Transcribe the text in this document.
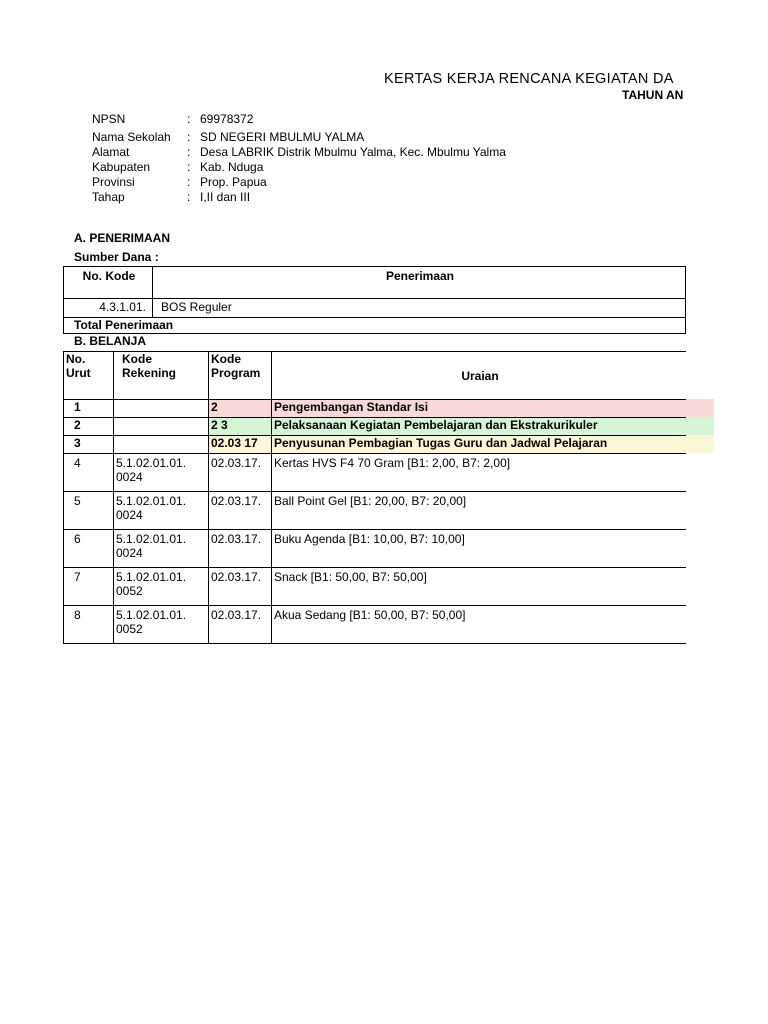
KERTAS KERJA RENCANA KEGIATAN DA
TAHUN AN
NPSN	: 69978372
Nama Sekolah : SD NEGERI MBULMU YALMA
Alamat	: Desa LABRIK Distrik Mbulmu Yalma, Kec. Mbulmu Yalma
Kabupaten	: Kab. Nduga
Provinsi	: Prop. Papua
Tahap	: I,II dan III
A. PENERIMAAN
Sumber Dana :
No. Kode	Penerimaan
4.3.1.01.	BOS Reguler
Total Penerimaan	
B. BELANJA
No. Urut	Kode Rekening	Kode Program	Uraian
1		2	Pengembangan Standar Isi
2		2 3	Pelaksanaan Kegiatan Pembelajaran dan Ekstrakurikuler
3		02.03 17	Penyusunan Pembagian Tugas Guru dan Jadwal Pelajaran
4	5.1.02.01.01. 0024	02.03.17.	Kertas HVS F4 70 Gram [B1: 2,00, B7: 2,00]
5	5.1.02.01.01. 0024	02.03.17.	Ball Point Gel [B1: 20,00, B7: 20,00]
6	5.1.02.01.01. 0024	02.03.17.	Buku Agenda [B1: 10,00, B7: 10,00]
7	5.1.02.01.01. 0052	02.03.17.	Snack [B1: 50,00, B7: 50,00]
8	5.1.02.01.01. 0052	02.03.17.	Akua Sedang [B1: 50,00, B7: 50,00]
